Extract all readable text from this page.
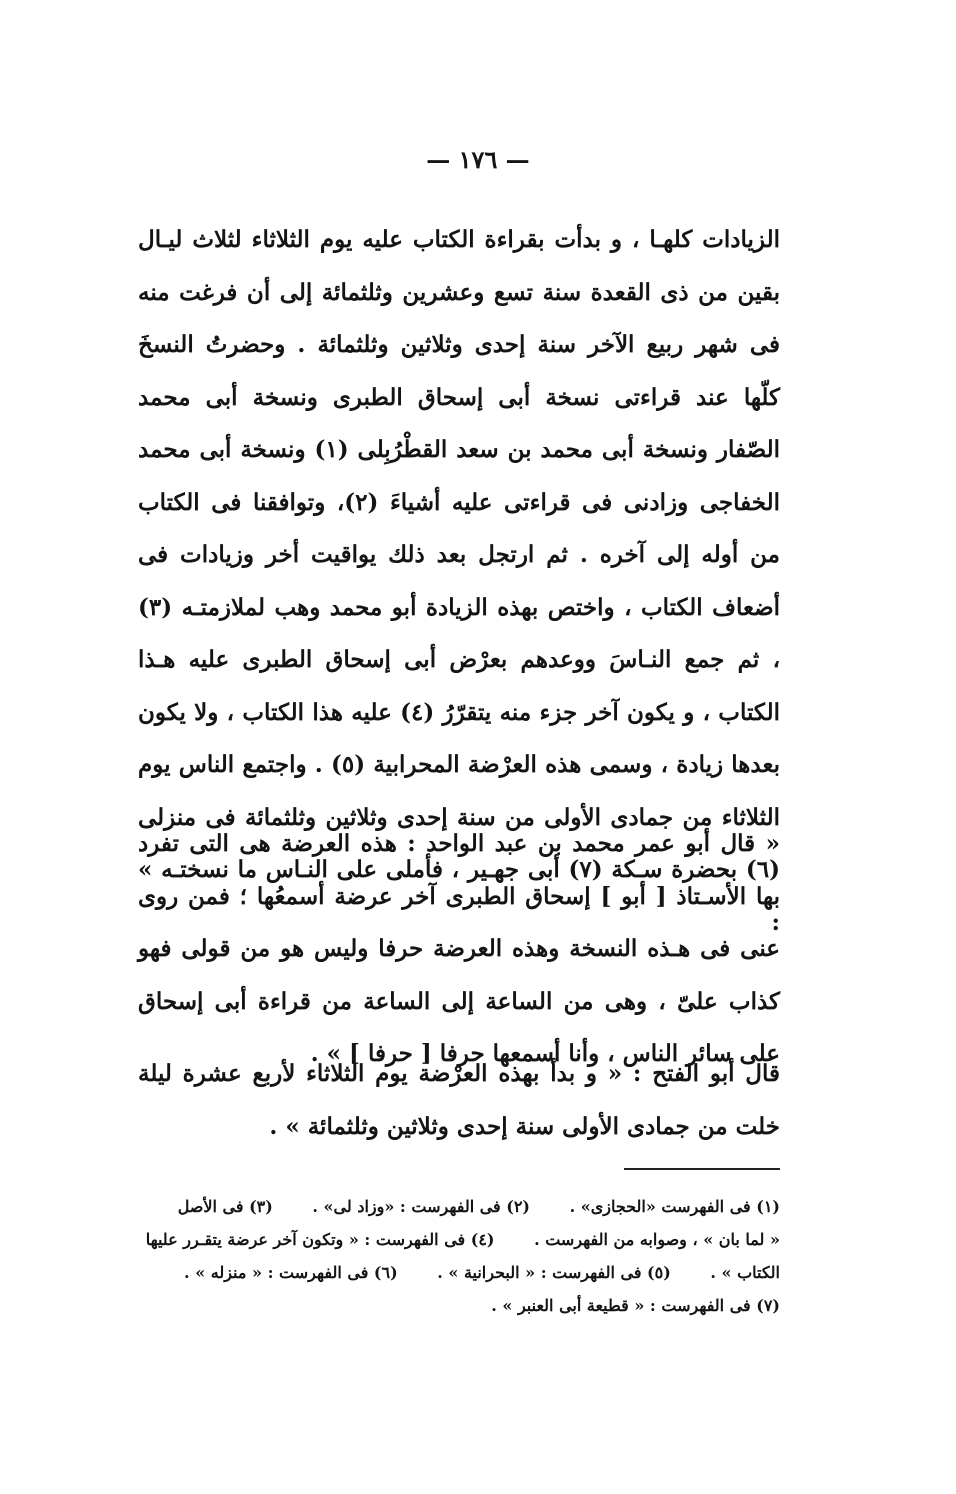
— ١٧٦ —

الزيادات كلهـا ، و بدأت بقراءة الكتاب عليه يوم الثلاثاء لثلاث ليـال بقين من ذى القعدة سنة تسع وعشرين وثلثمائة إلى أن فرغت منه فى شهر ربيع الآخر سنة إحدى وثلاثين وثلثمائة . وحضرتُ النسخَ كلّها عند قراءتى نسخة أبى إسحاق الطبرى ونسخة أبى محمد الصّفار ونسخة أبى محمد بن سعد القطْرُبِلى (١) ونسخة أبى محمد الخفاجى وزادنى فى قراءتى عليه أشياءَ (٢)، وتوافقنا فى الكتاب من أوله إلى آخره . ثم ارتجل بعد ذلك يواقيت أخر وزيادات فى أضعاف الكتاب ، واختص بهذه الزيادة أبو محمد وهب لملازمتـه (٣) ، ثم جمع النـاسَ ووعدهم بعرْض أبى إسحاق الطبرى عليه هـذا الكتاب ، و يكون آخر جزء منه يتقرّرُ (٤) عليه هذا الكتاب ، ولا يكون بعدها زيادة ، وسمى هذه العرْضة المحرابية (٥) . واجتمع الناس يوم الثلاثاء من جمادى الأولى من سنة إحدى وثلاثين وثلثمائة فى منزلى (٦) بحضرة سـكة (٧) أبى جهـير ، فأملى على النـاس ما نسختـه » :

« قال أبو عمر محمد بن عبد الواحد : هذه العرضة هى التى تفرد بها الأسـتاذ [ أبو ] إسحاق الطبرى آخر عرضة أسمعُها ؛ فمن روى عنى فى هـذه النسخة وهذه العرضة حرفا وليس هو من قولى فهو كذاب علىّ ، وهى من الساعة إلى الساعة من قراءة أبى إسحاق على سائر الناس ، وأنا أسمعها حرفا [ حرفا ] » .

قال أبو الفتح : « و بدأ بهذه العرْضة يوم الثلاثاء لأربع عشرة ليلة خلت من جمادى الأولى سنة إحدى وثلاثين وثلثمائة » .

(١) فى الفهرست «الحجازى» . (٢) فى الفهرست : «وزاد لى» . (٣) فى الأصل
« لما بان » ، وصوابه من الفهرست . (٤) فى الفهرست : « وتكون آخر عرضة يتقـرر عليها
الكتاب » . (٥) فى الفهرست : « البحرانية » . (٦) فى الفهرست : « منزله » .
(٧) فى الفهرست : « قطيعة أبى العنبر » .
